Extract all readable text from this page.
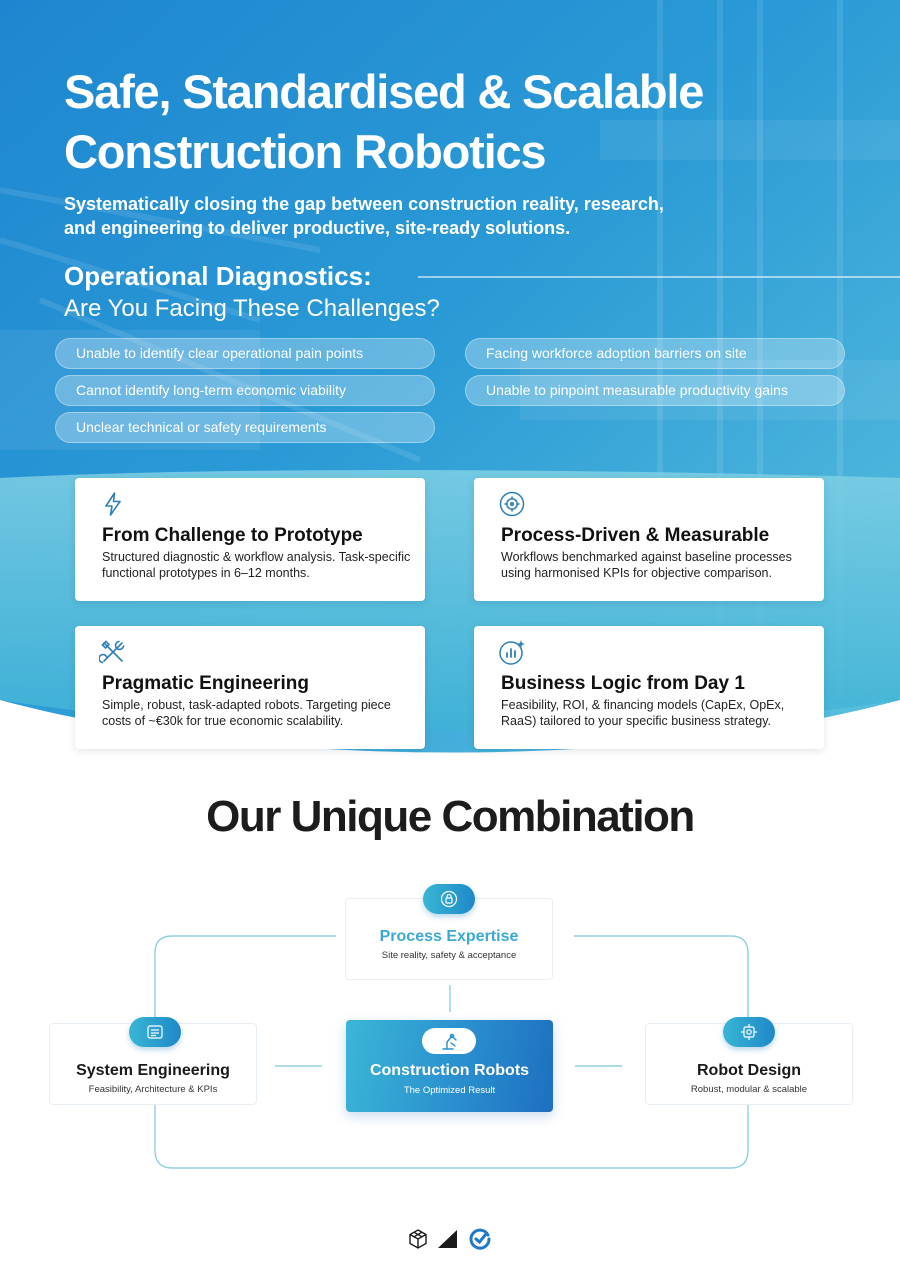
Safe, Standardised & Scalable
Construction Robotics
Systematically closing the gap between construction reality, research,
and engineering to deliver productive, site-ready solutions.
Operational Diagnostics:
Are You Facing These Challenges?
Unable to identify clear operational pain points	Facing workforce adoption barriers on site
Cannot identify long-term economic viability	Unable to pinpoint measurable productivity gains
Unclear technical or safety requirements
From Challenge to Prototype
Structured diagnostic & workflow analysis. Task-specific functional prototypes in 6–12 months.
Process-Driven & Measurable
Workflows benchmarked against baseline processes using harmonised KPIs for objective comparison.
Pragmatic Engineering
Simple, robust, task-adapted robots. Targeting piece costs of ~€30k for true economic scalability.
Business Logic from Day 1
Feasibility, ROI, & financing models (CapEx, OpEx, RaaS) tailored to your specific business strategy.
Our Unique Combination
Process Expertise
Site reality, safety & acceptance
System Engineering
Feasibility, Architecture & KPIs
Robot Design
Robust, modular & scalable
Construction Robots
The Optimized Result
